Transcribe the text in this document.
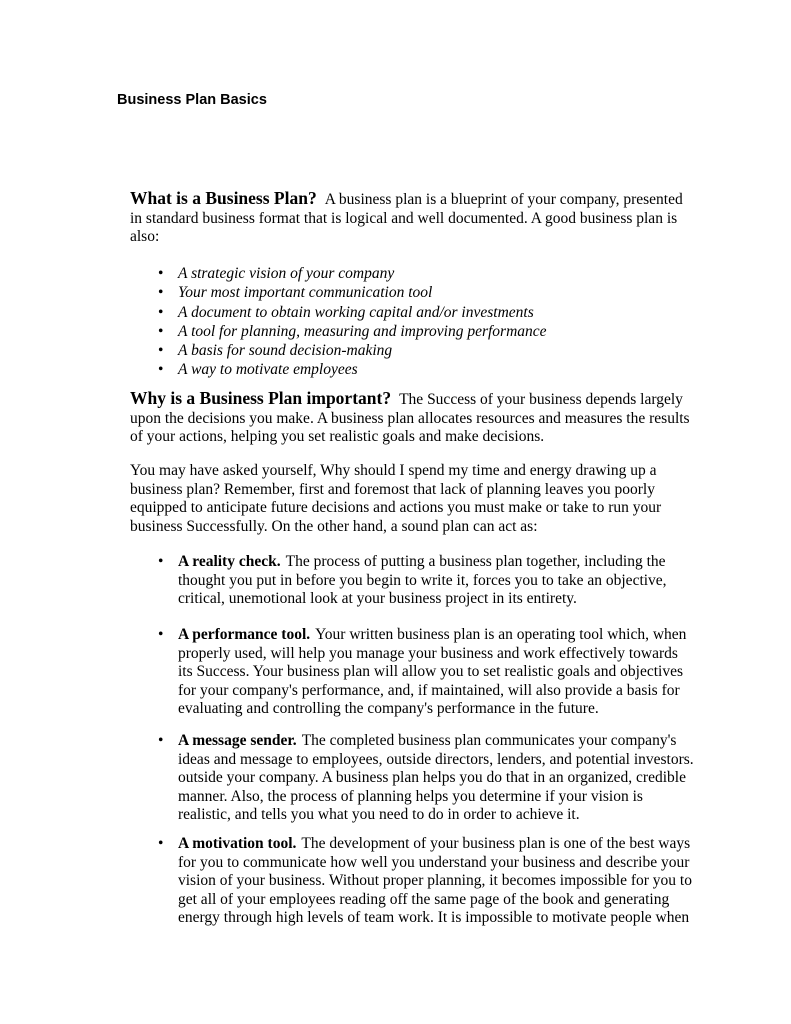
Business Plan Basics

What is a Business Plan? A business plan is a blueprint of your company, presented in standard business format that is logical and well documented. A good business plan is also:

• A strategic vision of your company
• Your most important communication tool
• A document to obtain working capital and/or investments
• A tool for planning, measuring and improving performance
• A basis for sound decision-making
• A way to motivate employees

Why is a Business Plan important? The Success of your business depends largely upon the decisions you make. A business plan allocates resources and measures the results of your actions, helping you set realistic goals and make decisions.

You may have asked yourself, Why should I spend my time and energy drawing up a business plan? Remember, first and foremost that lack of planning leaves you poorly equipped to anticipate future decisions and actions you must make or take to run your business Successfully. On the other hand, a sound plan can act as:

• A reality check. The process of putting a business plan together, including the thought you put in before you begin to write it, forces you to take an objective, critical, unemotional look at your business project in its entirety.

• A performance tool. Your written business plan is an operating tool which, when properly used, will help you manage your business and work effectively towards its Success. Your business plan will allow you to set realistic goals and objectives for your company's performance, and, if maintained, will also provide a basis for evaluating and controlling the company's performance in the future.

• A message sender. The completed business plan communicates your company's ideas and message to employees, outside directors, lenders, and potential investors. outside your company. A business plan helps you do that in an organized, credible manner. Also, the process of planning helps you determine if your vision is realistic, and tells you what you need to do in order to achieve it.

• A motivation tool. The development of your business plan is one of the best ways for you to communicate how well you understand your business and describe your vision of your business. Without proper planning, it becomes impossible for you to get all of your employees reading off the same page of the book and generating energy through high levels of team work. It is impossible to motivate people when
